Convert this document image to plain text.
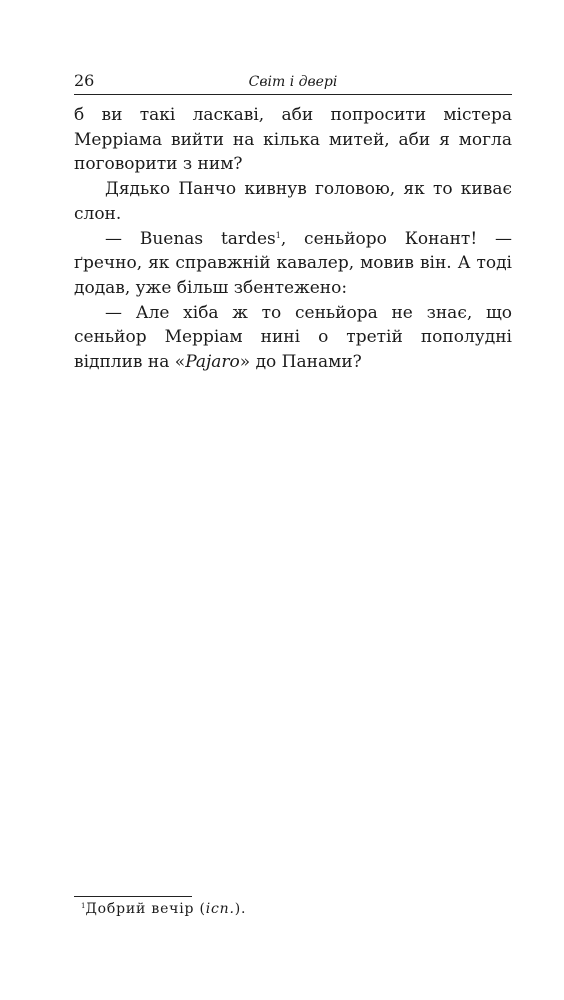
26	Світ і двері

б ви такі ласкаві, аби попросити містера Мерріама вийти на кілька митей, аби я могла поговорити з ним?

Дядько Панчо кивнув головою, як то киває слон.

— Buenas tardes$^1$, сеньйоро Конант! — ґречно, як справжній кавалер, мовив він. А тоді додав, уже більш збентежено:

— Але хіба ж то сеньйора не знає, що сеньйор Мерріам нині о третій пополудні відплив на «Pajaro» до Панами?

$^1$Добрий вечір (ісп.).
